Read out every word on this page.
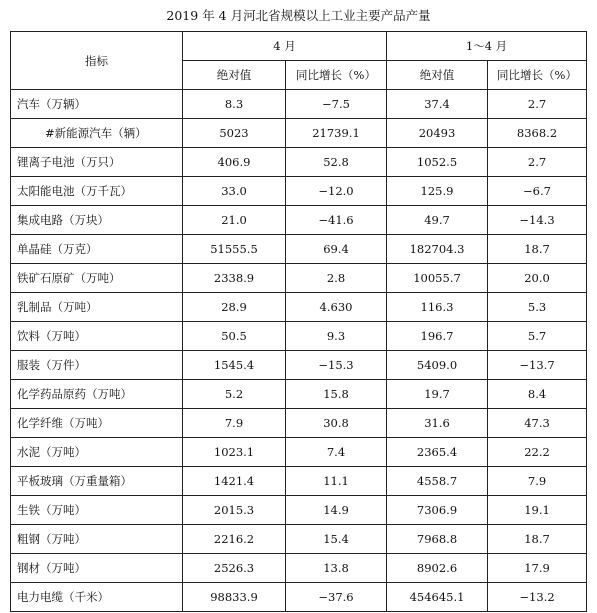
2019 年 4 月河北省规模以上工业主要产品产量
指标	4 月		1～4 月	
	绝对值	同比增长（%）	绝对值	同比增长（%）
汽车（万辆）	8.3	−7.5	37.4	2.7
#新能源汽车（辆）	5023	21739.1	20493	8368.2
锂离子电池（万只）	406.9	52.8	1052.5	2.7
太阳能电池（万千瓦）	33.0	−12.0	125.9	−6.7
集成电路（万块）	21.0	−41.6	49.7	−14.3
单晶硅（万克）	51555.5	69.4	182704.3	18.7
铁矿石原矿（万吨）	2338.9	2.8	10055.7	20.0
乳制品（万吨）	28.9	4.630	116.3	5.3
饮料（万吨）	50.5	9.3	196.7	5.7
服装（万件）	1545.4	−15.3	5409.0	−13.7
化学药品原药（万吨）	5.2	15.8	19.7	8.4
化学纤维（万吨）	7.9	30.8	31.6	47.3
水泥（万吨）	1023.1	7.4	2365.4	22.2
平板玻璃（万重量箱）	1421.4	11.1	4558.7	7.9
生铁（万吨）	2015.3	14.9	7306.9	19.1
粗钢（万吨）	2216.2	15.4	7968.8	18.7
钢材（万吨）	2526.3	13.8	8902.6	17.9
电力电缆（千米）	98833.9	−37.6	454645.1	−13.2
